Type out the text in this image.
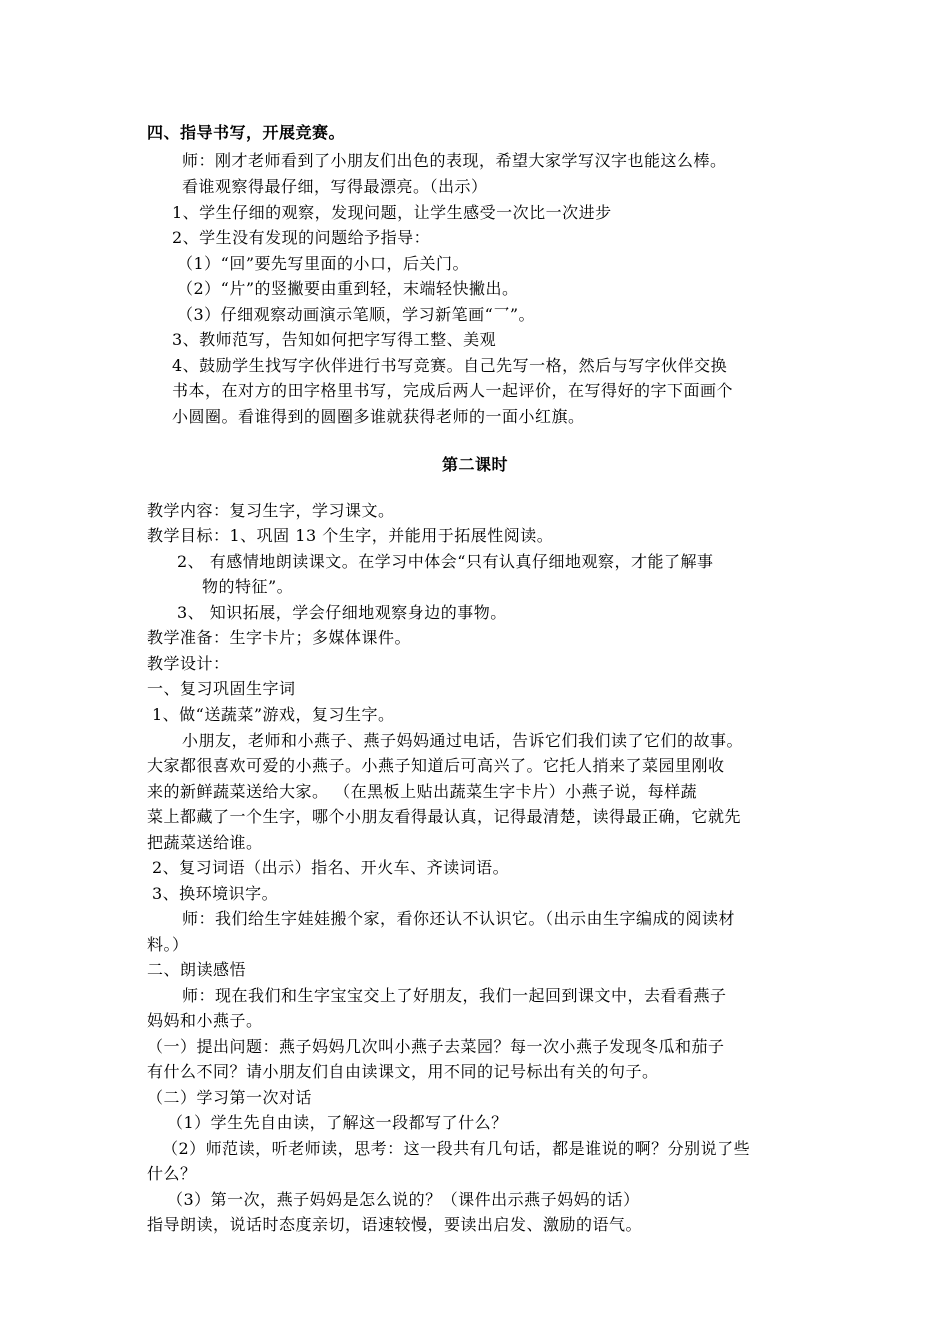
四、指导书写，开展竞赛。
师：刚才老师看到了小朋友们出色的表现，希望大家学写汉字也能这么棒。
看谁观察得最仔细，写得最漂亮。（出示）
1、学生仔细的观察，发现问题，让学生感受一次比一次进步
2、学生没有发现的问题给予指导：
（1）“回”要先写里面的小口，后关门。
（2）“片”的竖撇要由重到轻，末端轻快撇出。
（3）仔细观察动画演示笔顺，学习新笔画“乛”。
3、教师范写，告知如何把字写得工整、美观
4、鼓励学生找写字伙伴进行书写竞赛。自己先写一格，然后与写字伙伴交换
书本，在对方的田字格里书写，完成后两人一起评价，在写得好的字下面画个
小圆圈。看谁得到的圆圈多谁就获得老师的一面小红旗。
第二课时
教学内容：复习生字，学习课文。
教学目标：1、巩固 13 个生字，并能用于拓展性阅读。
2、 有感情地朗读课文。在学习中体会“只有认真仔细地观察，才能了解事
物的特征”。
3、 知识拓展，学会仔细地观察身边的事物。
教学准备：生字卡片；多媒体课件。
教学设计：
一、复习巩固生字词
1、做“送蔬菜”游戏，复习生字。
小朋友，老师和小燕子、燕子妈妈通过电话，告诉它们我们读了它们的故事。
大家都很喜欢可爱的小燕子。小燕子知道后可高兴了。它托人捎来了菜园里刚收
来的新鲜蔬菜送给大家。 （在黑板上贴出蔬菜生字卡片）小燕子说，每样蔬
菜上都藏了一个生字，哪个小朋友看得最认真，记得最清楚，读得最正确，它就先
把蔬菜送给谁。
2、复习词语（出示）指名、开火车、齐读词语。
3、换环境识字。
师：我们给生字娃娃搬个家，看你还认不认识它。（出示由生字编成的阅读材
料。）
二、朗读感悟
师：现在我们和生字宝宝交上了好朋友，我们一起回到课文中，去看看燕子
妈妈和小燕子。
（一）提出问题：燕子妈妈几次叫小燕子去菜园？每一次小燕子发现冬瓜和茄子
有什么不同？请小朋友们自由读课文，用不同的记号标出有关的句子。
（二）学习第一次对话
（1）学生先自由读，了解这一段都写了什么？
（2）师范读，听老师读，思考：这一段共有几句话，都是谁说的啊？分别说了些
什么？
（3）第一次，燕子妈妈是怎么说的？（课件出示燕子妈妈的话）
指导朗读，说话时态度亲切，语速较慢，要读出启发、激励的语气。
